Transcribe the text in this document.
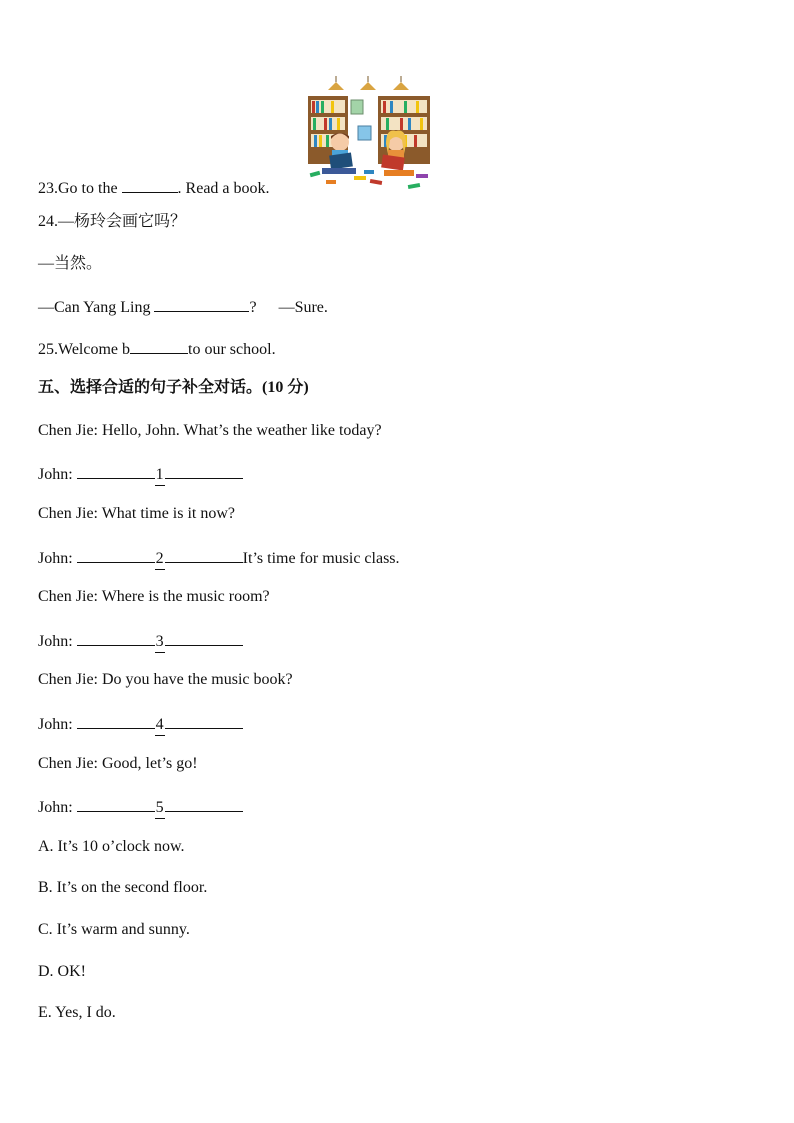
23.Go to the	. Read a book.
24.—杨玲会画它吗？
—当然。
—Can Yang Ling	? —Sure.
25.Welcome b	to our school.
五、选择合适的句子补全对话。(10 分)
Chen Jie: Hello, John. What’s the weather like today?
John:	1
Chen Jie: What time is it now?
John:	2	It’s time for music class.
Chen Jie: Where is the music room?
John:	3
Chen Jie: Do you have the music book?
John:	4
Chen Jie: Good, let’s go!
John:	5
A. It’s 10 o’clock now.
B. It’s on the second floor.
C. It’s warm and sunny.
D. OK!
E. Yes, I do.
